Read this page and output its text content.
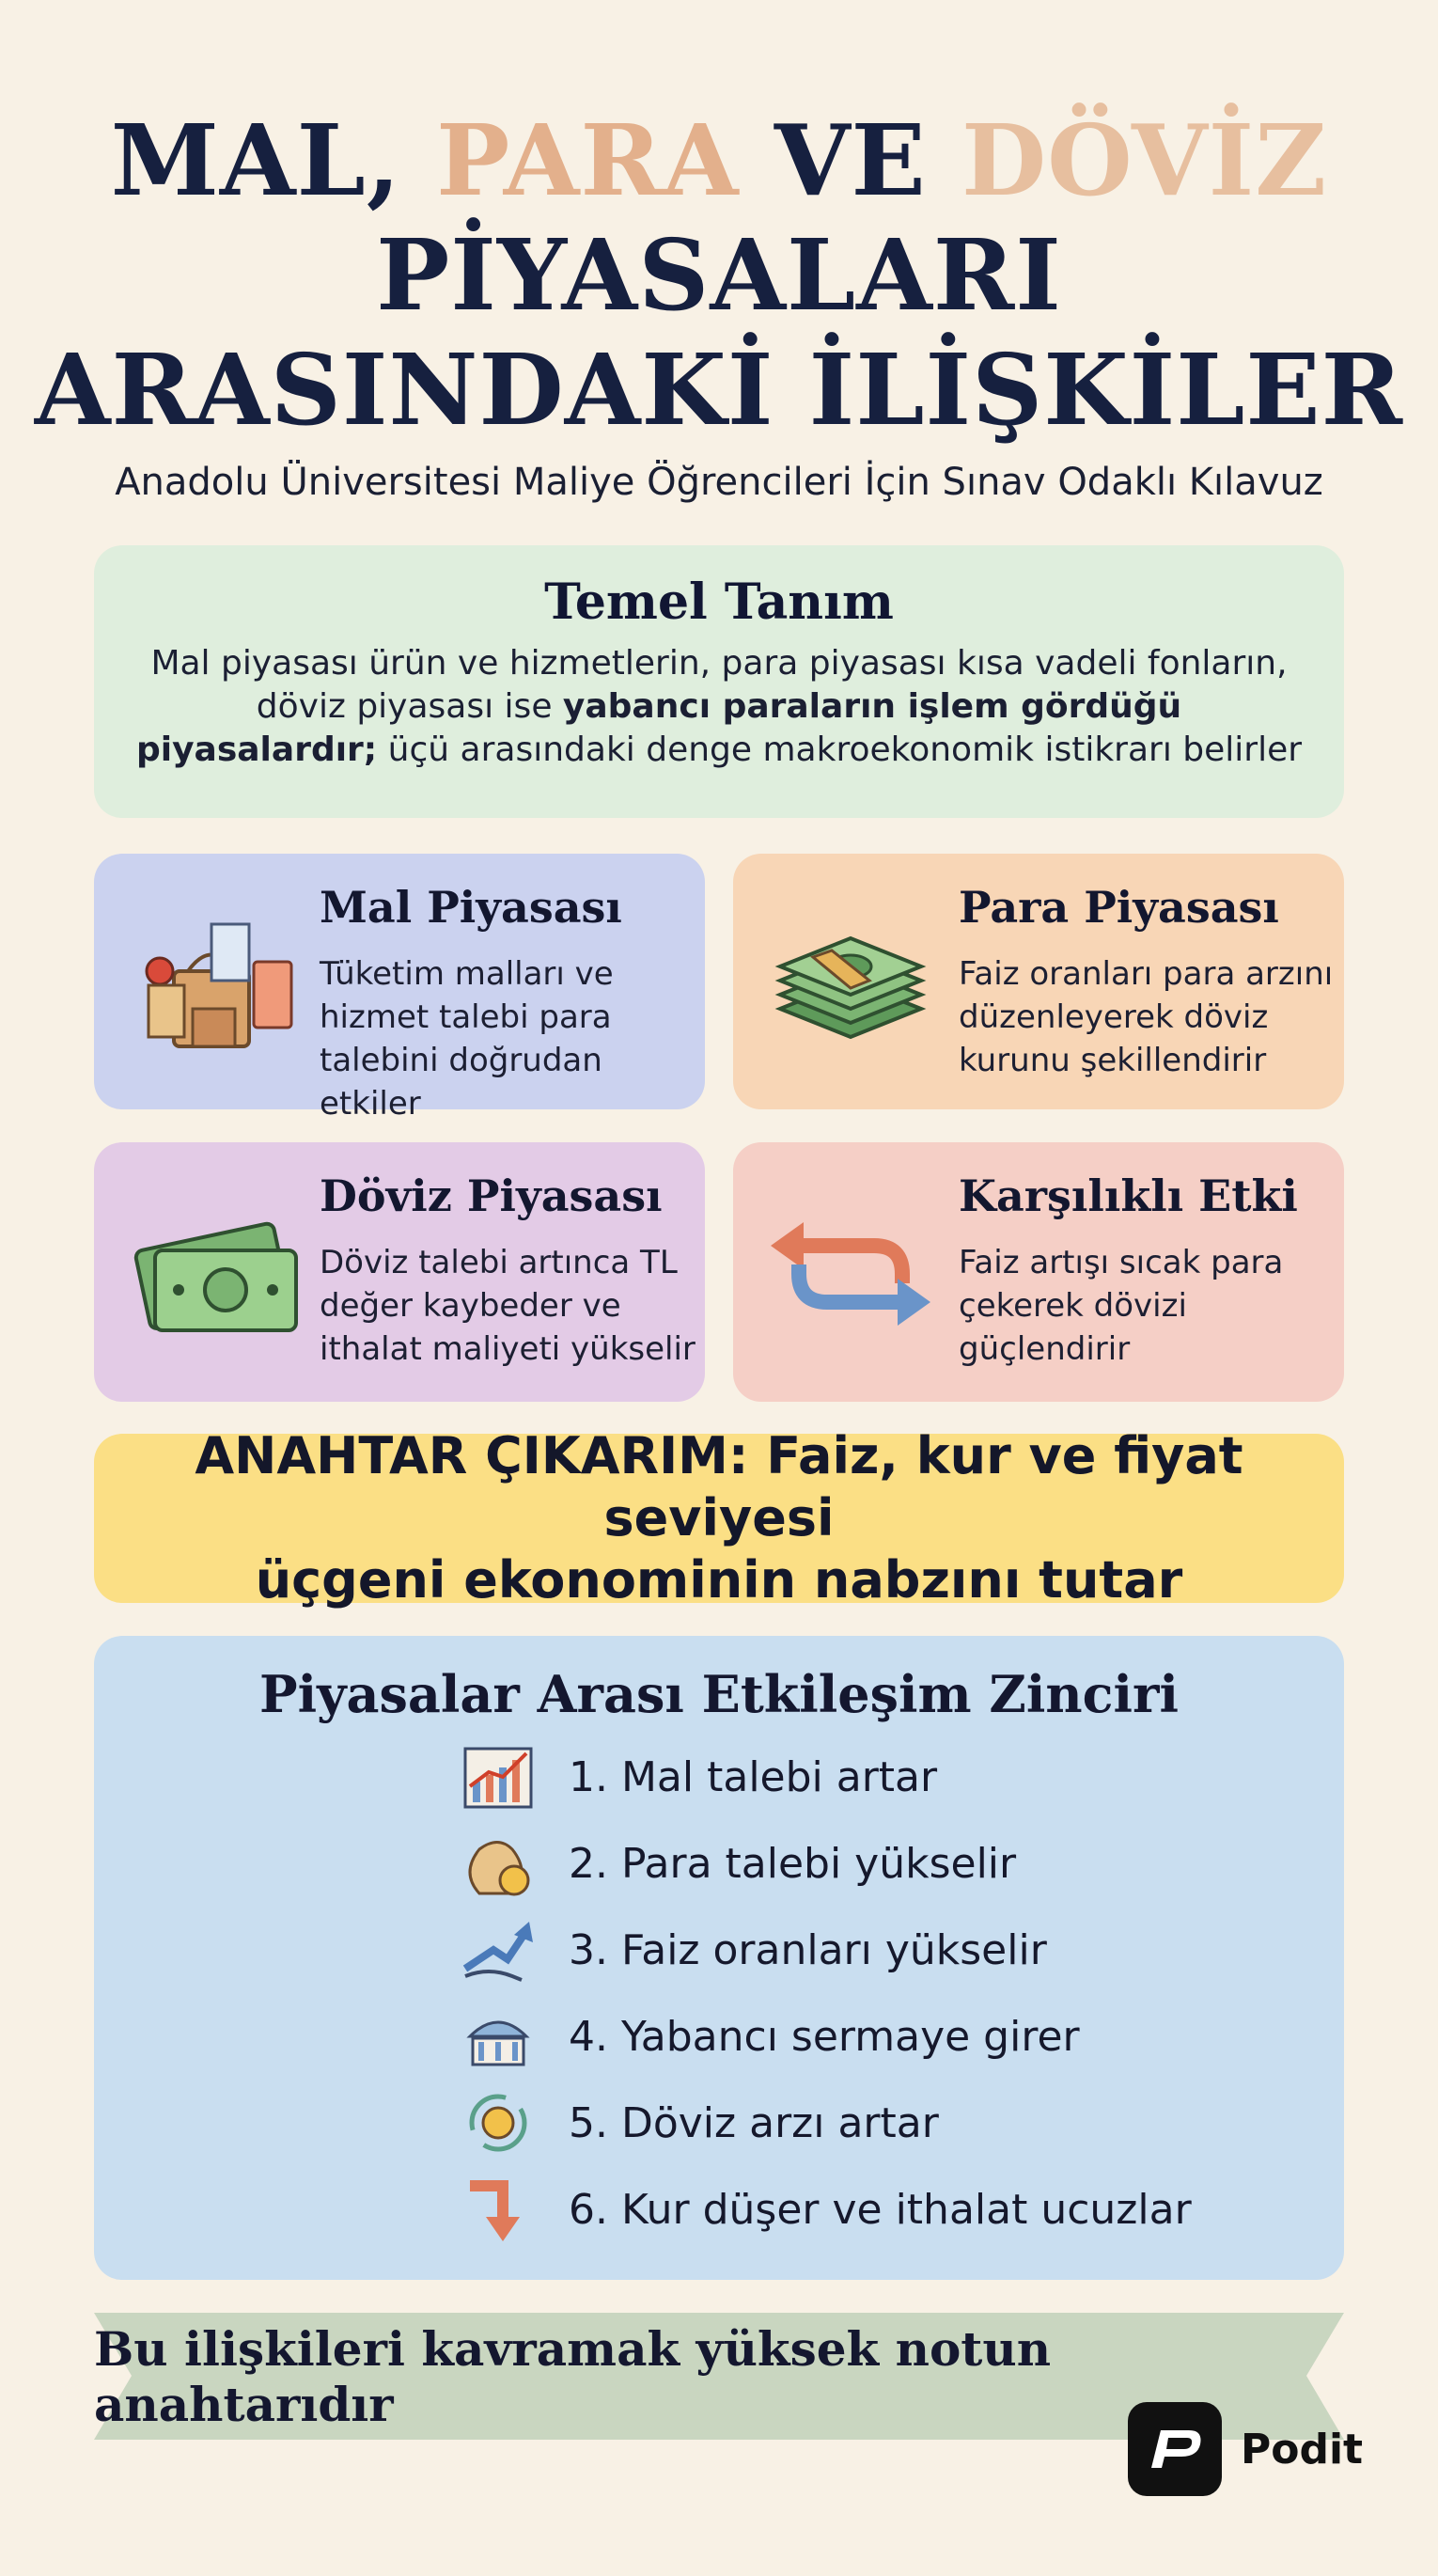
MAL, PARA VE DÖVİZ
PİYASALARI
ARASINDAKİ İLİŞKİLER
Anadolu Üniversitesi Maliye Öğrencileri İçin Sınav Odaklı Kılavuz
Temel Tanım

Mal piyasası ürün ve hizmetlerin, para piyasası kısa vadeli fonların, döviz piyasası ise yabancı paraların işlem gördüğü piyasalardır; üçü arasındaki denge makroekonomik istikrarı belirler

Mal Piyasası

Tüketim malları ve hizmet talebi para talebini doğrudan etkiler

Para Piyasası

Faiz oranları para arzını düzenleyerek döviz kurunu şekillendirir

Döviz Piyasası

Döviz talebi artınca TL değer kaybeder ve ithalat maliyeti yükselir

Karşılıklı Etki

Faiz artışı sıcak para çekerek dövizi güçlendirir

ANAHTAR ÇIKARIM: Faiz, kur ve fiyat seviyesi
üçgeni ekonominin nabzını tutar

Piyasalar Arası Etkileşim Zinciri
1. Mal talebi artar
2. Para talebi yükselir
3. Faiz oranları yükselir
4. Yabancı sermaye girer
5. Döviz arzı artar
6. Kur düşer ve ithalat ucuzlar

Bu ilişkileri kavramak yüksek notun anahtarıdır

Podit
